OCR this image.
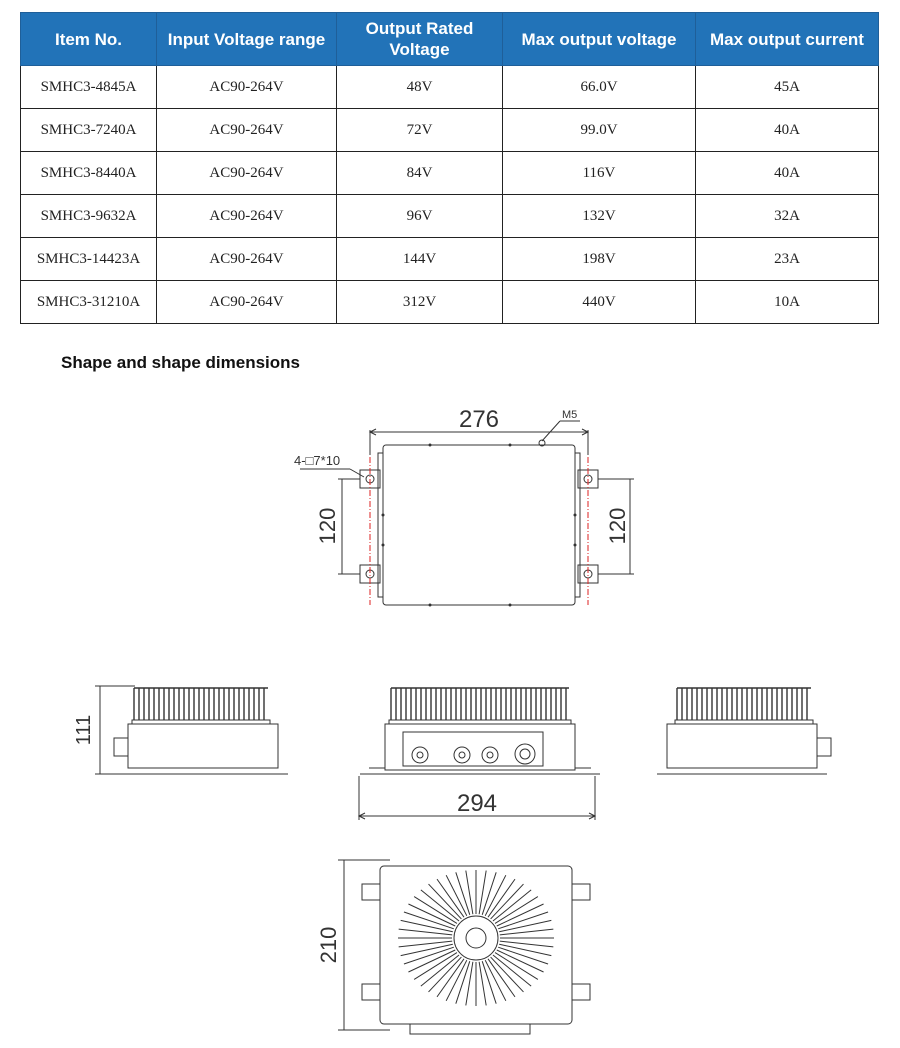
Item No.	Input Voltage range	Output Rated Voltage	Max output voltage	Max output current
SMHC3-4845A	AC90-264V	48V	66.0V	45A
SMHC3-7240A	AC90-264V	72V	99.0V	40A
SMHC3-8440A	AC90-264V	84V	116V	40A
SMHC3-9632A	AC90-264V	96V	132V	32A
SMHC3-14423A	AC90-264V	144V	198V	23A
SMHC3-31210A	AC90-264V	312V	440V	10A
Shape and shape dimensions
276	M5
4-□7*10
120	120
111
294
210
